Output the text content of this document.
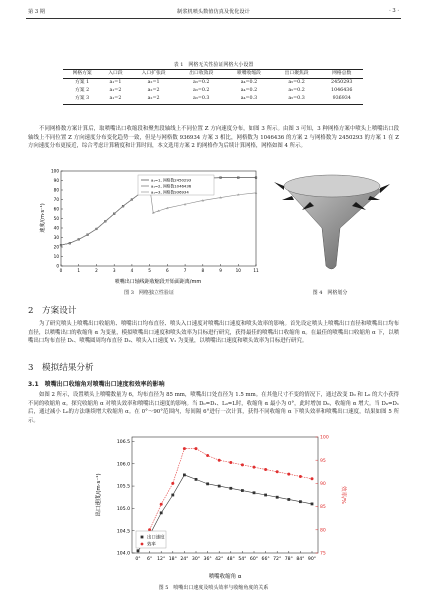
第 3 期	制浆机喷头数值仿真及优化设计	· 3 ·
表 1　网格无关性验证网格大小设置
网格方案	入口段	入口扩张段	出口收敛段	喷嘴收缩段	出口聚焦段	网格总数
方案 1	a₁=1	a₂=1	a₃=0.2	a₄=0.2	a₅=0.2	2450293
方案 2	a₁=2	a₂=2	a₃=0.2	a₄=0.2	a₅=0.2	1046436
方案 3	a₁=2	a₂=2	a₃=0.3	a₄=0.3	a₅=0.3	936934

不同网格数方案计算后，取喷嘴出口收缩段和聚焦段轴线上不同位置 Z 方向速度分布，如图 3 所示。由图 3 可知，3 种网格方案中喷头上喷嘴出口段轴线上不同位置 Z 方向速度分布变化趋势一致，但是与网格数 936934 方案 3 相比，网格数为 1046436 的方案 2 与网格数为 2450293 的方案 1 在 Z 方向速度分布更接近，综合考虑计算精度和计算时间，本文选用方案 2 的网格作为后续计算网格，网格如图 4 所示。

0	1	2	3	4	5	6	7	8	9	10	11
0
10
20
30
40
50
60
70
80
90
100
a₁=1, 网格数2450293
a₁=2, 网格数1046436
a₁=3, 网格数936934
喷嘴出口轴线距收缩段开始面距离/mm
速度/(m·s⁻¹)
图 3　网格独立性验证	图 4　网格划分
2　方案设计

为了研究喷头上喷嘴出口收缩角、喷嘴出口均布直径、喷头入口速度对喷嘴出口速度和喷头效率的影响。首先设定喷头上喷嘴出口直径和喷嘴出口均布直径，以喷嘴出口的收缩角 α 为变量，模拟喷嘴出口速度和喷头效率为目标进行研究，获得最佳的喷嘴出口收缩角 α。在最佳的喷嘴出口收缩角 α 下，以喷嘴出口均布直径 D₁、喷嘴圆周均布直径 D₂、喷头入口速度 V₁ 为变量，以喷嘴出口速度和喷头效率为目标进行研究。

3　模拟结果分析
3.1　喷嘴出口收缩角对喷嘴出口速度和效率的影响

如图 2 所示，设置喷头上喷嘴数量为 6，均布直径为 85 mm，喷嘴出口处直径为 1.5 mm。在其他尺寸不变的情况下，通过改变 D₀ 和 L₀ 的大小获得不同的收缩角 α。探究收缩角 α 对喷头效率和喷嘴出口速度的影响。当 D₀=D₁、L₀=L时，收缩角 α 最小为 0°，此时增加 D₀，收缩角 α 增大。当 D₀=D₁后，通过减小 L₀的方法继续增大收缩角 α。在 0°～90°范围内，每间隔 6°进行一次计算，获得不同收缩角 α 下喷头效率和喷嘴出口速度，结果如图 5 所示。

0° 6° 12° 18° 24° 30° 36° 42° 48° 54° 60° 66° 72° 78° 84° 90°
104.0
104.5
105.0
105.5
106.0
106.5
75
80
85
90
95
100
出口速度
效率
喷嘴收缩角 α
出口速度/(m·s⁻¹)	效率/%
图 5　喷嘴出口速度及喷头效率与收缩角度的关系
